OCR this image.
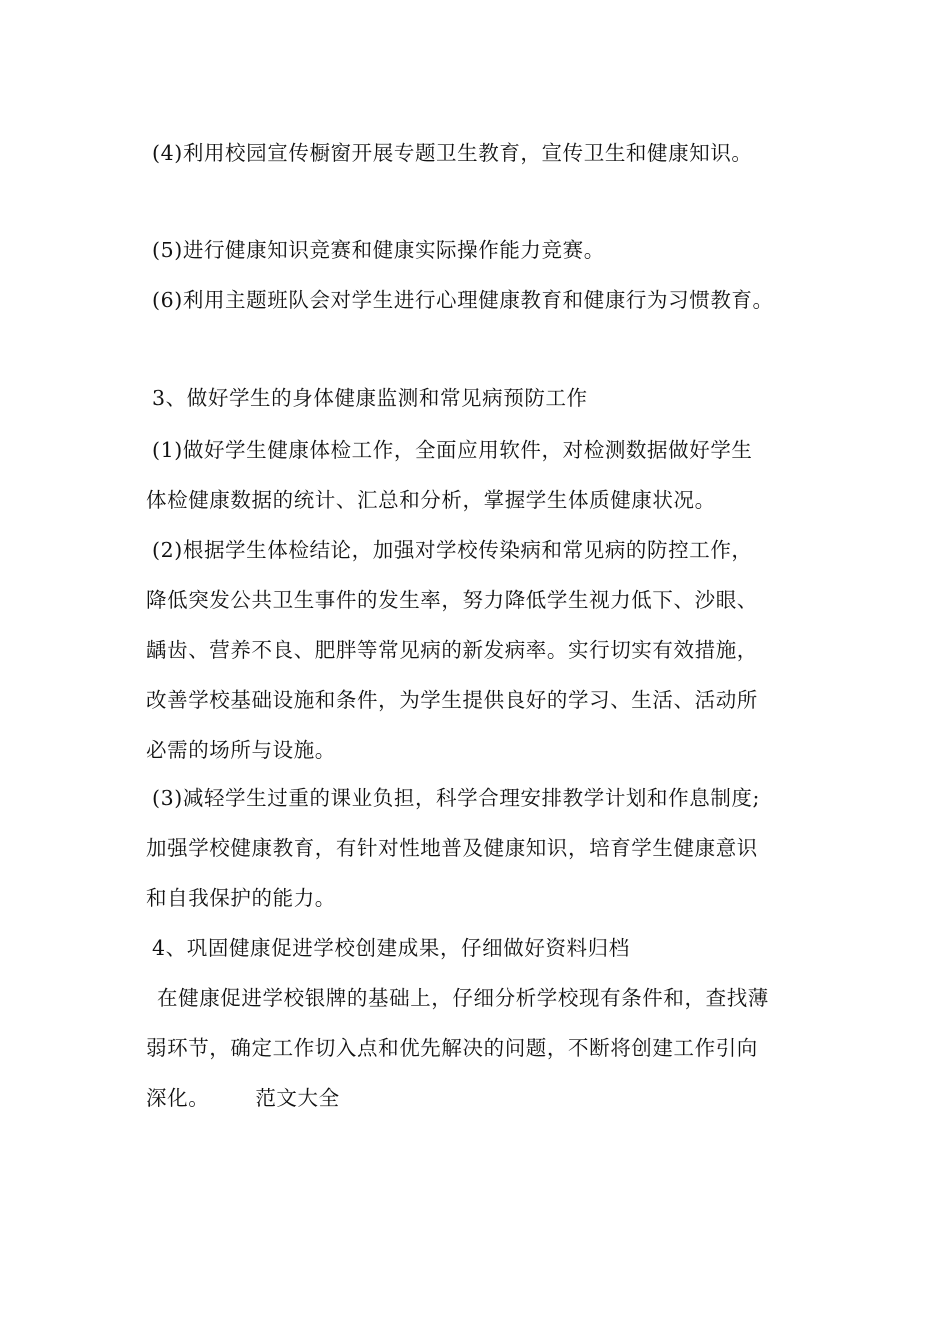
(4)利用校园宣传橱窗开展专题卫生教育，宣传卫生和健康知识。
(5)进行健康知识竞赛和健康实际操作能力竞赛。
(6)利用主题班队会对学生进行心理健康教育和健康行为习惯教育。
3、做好学生的身体健康监测和常见病预防工作
(1)做好学生健康体检工作，全面应用软件，对检测数据做好学生
体检健康数据的统计、汇总和分析，掌握学生体质健康状况。
(2)根据学生体检结论，加强对学校传染病和常见病的防控工作，
降低突发公共卫生事件的发生率，努力降低学生视力低下、沙眼、
龋齿、营养不良、肥胖等常见病的新发病率。实行切实有效措施，
改善学校基础设施和条件，为学生提供良好的学习、生活、活动所
必需的场所与设施。
(3)减轻学生过重的课业负担，科学合理安排教学计划和作息制度;
加强学校健康教育，有针对性地普及健康知识，培育学生健康意识
和自我保护的能力。
4、巩固健康促进学校创建成果，仔细做好资料归档
在健康促进学校银牌的基础上，仔细分析学校现有条件和，查找薄
弱环节，确定工作切入点和优先解决的问题，不断将创建工作引向
深化。 范文大全
